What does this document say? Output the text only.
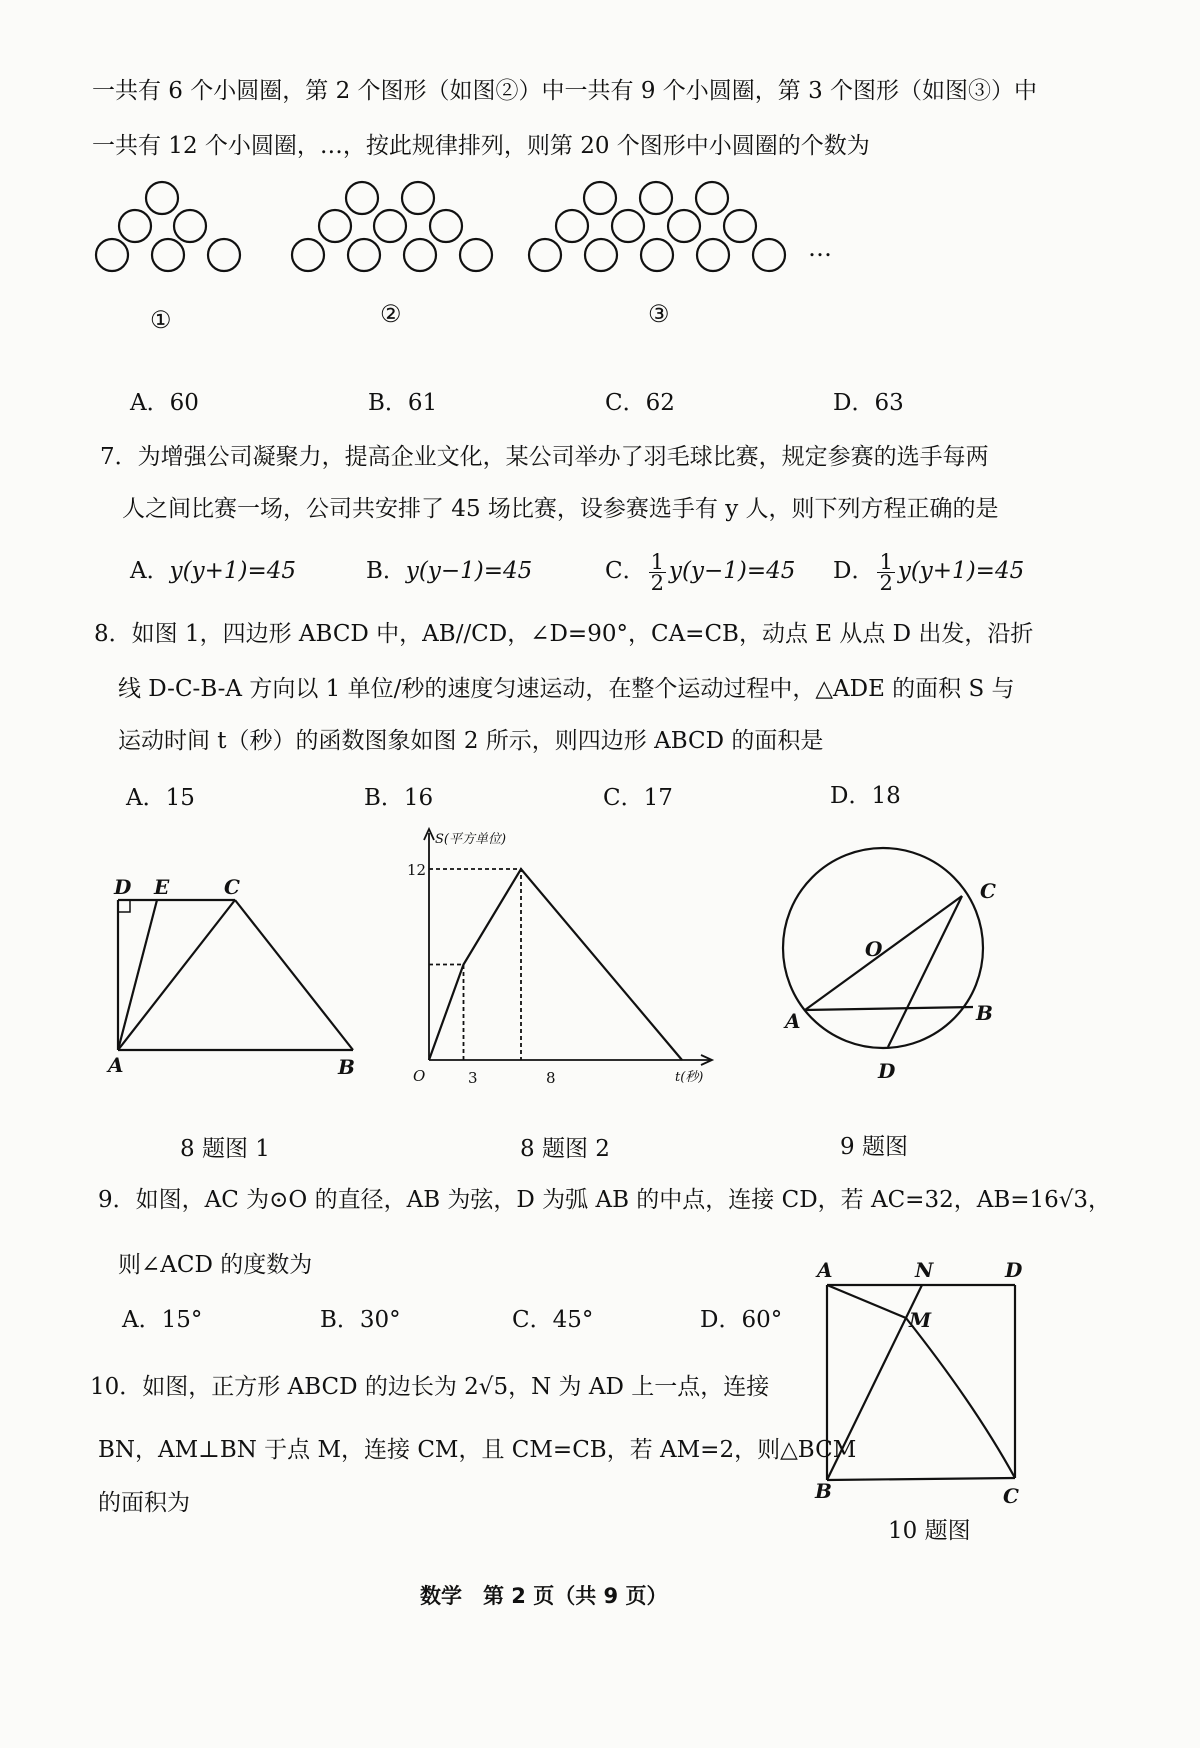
一共有 6 个小圆圈，第 2 个图形（如图②）中一共有 9 个小圆圈，第 3 个图形（如图③）中
一共有 12 个小圆圈，…，按此规律排列，则第 20 个图形中小圆圈的个数为
…
①	②	③
A．60	B．61	C．62	D．63
7．为增强公司凝聚力，提高企业文化，某公司举办了羽毛球比赛，规定参赛的选手每两
人之间比赛一场，公司共安排了 45 场比赛，设参赛选手有 y 人，则下列方程正确的是
A．y(y+1)=45	B．y(y−1)=45	C． $\frac{1}{2} y(y-1)=45$ D． $\frac{1}{2} y(y+1)=45$
8．如图 1，四边形 ABCD 中，AB//CD，∠D=90°，CA=CB，动点 E 从点 D 出发，沿折
线 D-C-B-A 方向以 1 单位/秒的速度匀速运动，在整个运动过程中，△ADE 的面积 S 与
运动时间 t（秒）的函数图象如图 2 所示，则四边形 ABCD 的面积是
A．15	B．16	C．17	D．18
D E	C
A	B
8 题图 1
S(平方单位)
12
O	3	8	t(秒)
8 题图 2
O
C
A	B
D
9 题图
9．如图，AC 为⊙O 的直径，AB 为弦，D 为弧 AB 的中点，连接 CD，若 AC=32，AB=16√3，
则∠ACD 的度数为
A．15°	B．30°	C．45°	D．60°
10．如图，正方形 ABCD 的边长为 2√5，N 为 AD 上一点，连接
BN，AM⊥BN 于点 M，连接 CM，且 CM=CB，若 AM=2，则△BCM
的面积为
A	N	D
M
B	C
10 题图
数学　第 2 页（共 9 页）
